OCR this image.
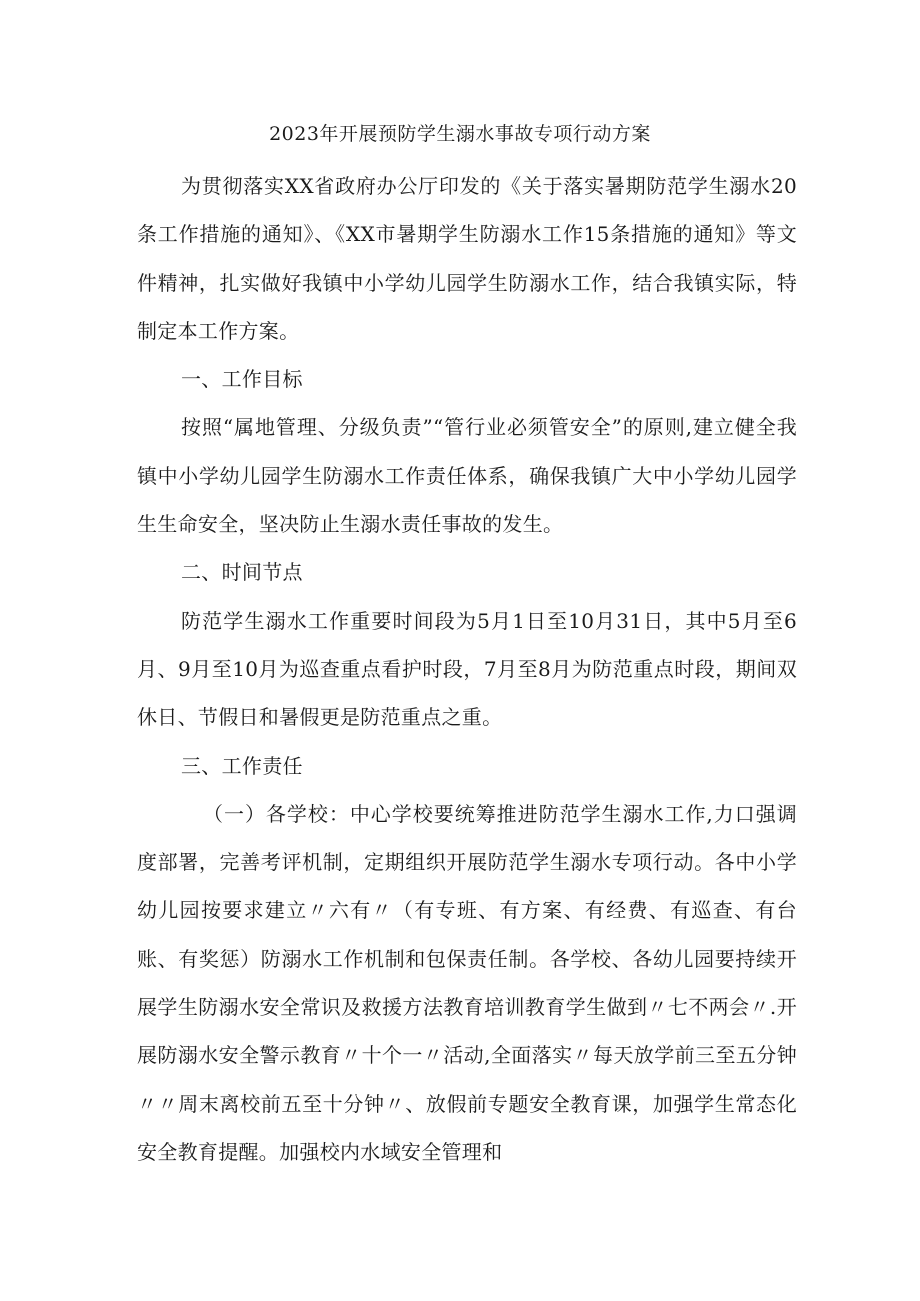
2023年开展预防学生溺水事故专项行动方案

为贯彻落实XX省政府办公厅印发的《关于落实暑期防范学生溺水20条工作措施的通知》、《XX市暑期学生防溺水工作15条措施的通知》等文件精神，扎实做好我镇中小学幼儿园学生防溺水工作，结合我镇实际，特制定本工作方案。

一、工作目标

按照“属地管理、分级负责”“管行业必须管安全”的原则,建立健全我镇中小学幼儿园学生防溺水工作责任体系，确保我镇广大中小学幼儿园学生生命安全，坚决防止生溺水责任事故的发生。

二、时间节点

防范学生溺水工作重要时间段为5月1日至10月31日，其中5月至6月、9月至10月为巡查重点看护时段，7月至8月为防范重点时段，期间双休日、节假日和暑假更是防范重点之重。

三、工作责任

（一）各学校：中心学校要统筹推进防范学生溺水工作,力口强调度部署，完善考评机制，定期组织开展防范学生溺水专项行动。各中小学幼儿园按要求建立〃六有〃（有专班、有方案、有经费、有巡查、有台账、有奖惩）防溺水工作机制和包保责任制。各学校、各幼儿园要持续开展学生防溺水安全常识及救援方法教育培训教育学生做到〃七不两会〃.开展防溺水安全警示教育〃十个一〃活动,全面落实〃每天放学前三至五分钟〃〃周末离校前五至十分钟〃、放假前专题安全教育课，加强学生常态化安全教育提醒。加强校内水域安全管理和
